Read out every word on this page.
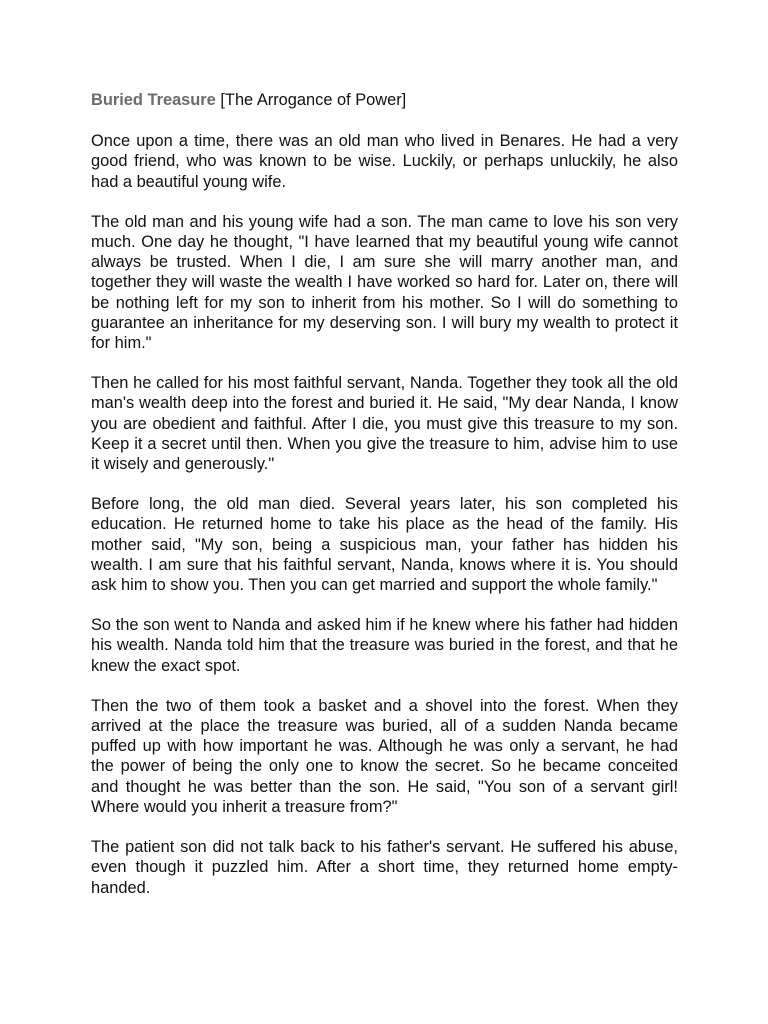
Buried Treasure [The Arrogance of Power]

Once upon a time, there was an old man who lived in Benares. He had a very good friend, who was known to be wise. Luckily, or perhaps unluckily, he also had a beautiful young wife.

The old man and his young wife had a son. The man came to love his son very much. One day he thought, "I have learned that my beautiful young wife cannot always be trusted. When I die, I am sure she will marry another man, and together they will waste the wealth I have worked so hard for. Later on, there will be nothing left for my son to inherit from his mother. So I will do something to guarantee an inheritance for my deserving son. I will bury my wealth to protect it for him."

Then he called for his most faithful servant, Nanda. Together they took all the old man's wealth deep into the forest and buried it. He said, "My dear Nanda, I know you are obedient and faithful. After I die, you must give this treasure to my son. Keep it a secret until then. When you give the treasure to him, advise him to use it wisely and generously."

Before long, the old man died. Several years later, his son completed his education. He returned home to take his place as the head of the family. His mother said, "My son, being a suspicious man, your father has hidden his wealth. I am sure that his faithful servant, Nanda, knows where it is. You should ask him to show you. Then you can get married and support the whole family."

So the son went to Nanda and asked him if he knew where his father had hidden his wealth. Nanda told him that the treasure was buried in the forest, and that he knew the exact spot.

Then the two of them took a basket and a shovel into the forest. When they arrived at the place the treasure was buried, all of a sudden Nanda became puffed up with how important he was. Although he was only a servant, he had the power of being the only one to know the secret. So he became conceited and thought he was better than the son. He said, "You son of a servant girl! Where would you inherit a treasure from?"

The patient son did not talk back to his father's servant. He suffered his abuse, even though it puzzled him. After a short time, they returned home empty-handed.
